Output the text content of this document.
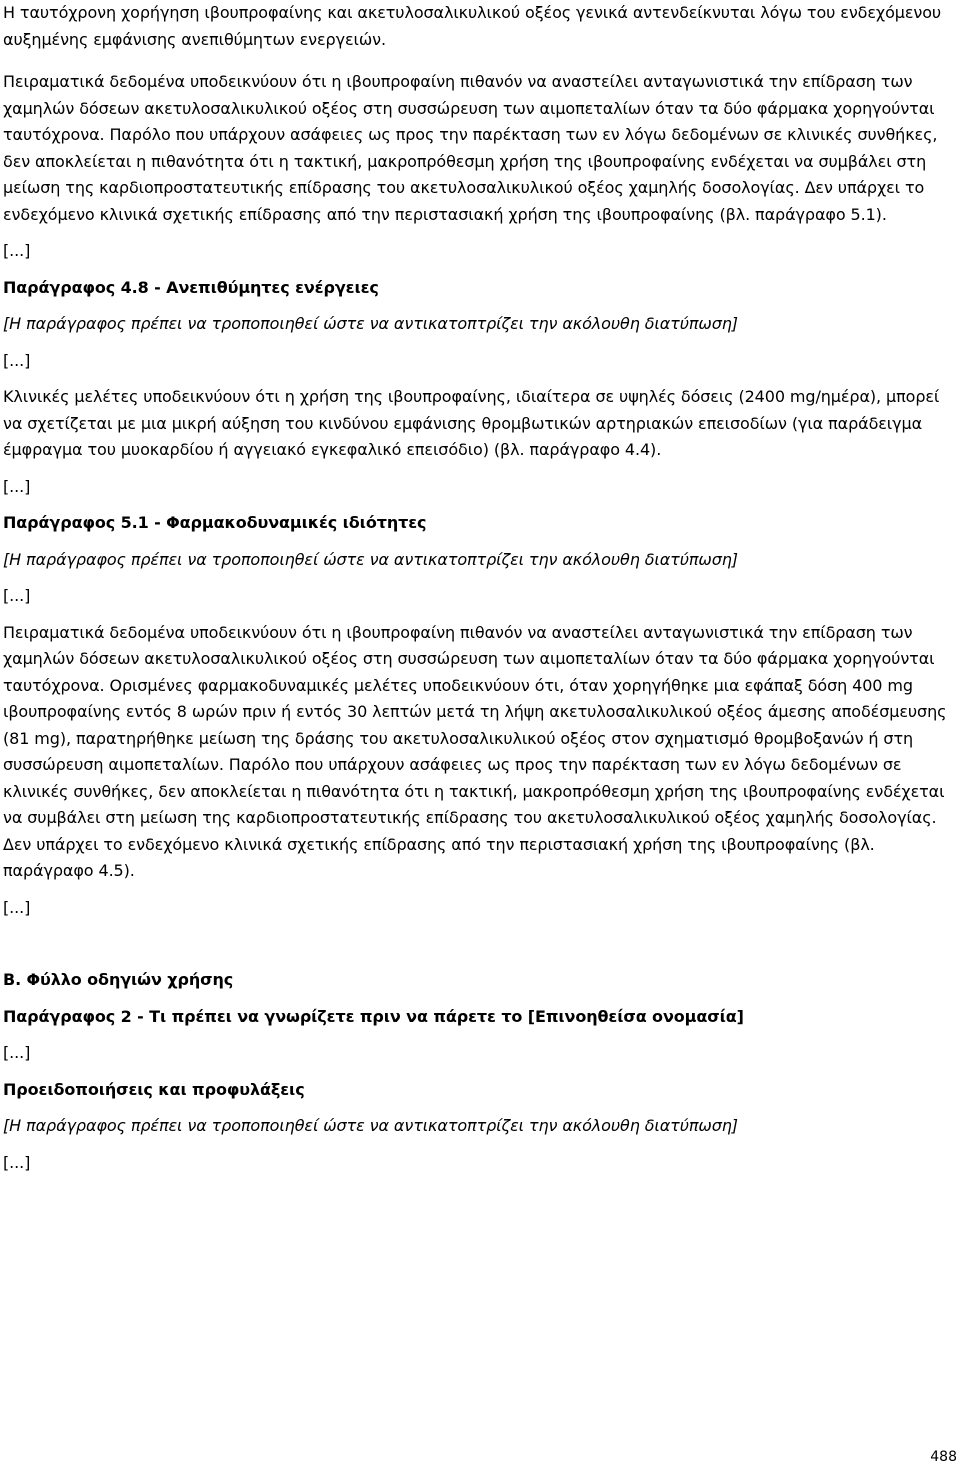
Η ταυτόχρονη χορήγηση ιβουπροφαίνης και ακετυλοσαλικυλικού οξέος γενικά αντενδείκνυται λόγω του ενδεχόμενου αυξημένης εμφάνισης ανεπιθύμητων ενεργειών.

Πειραματικά δεδομένα υποδεικνύουν ότι η ιβουπροφαίνη πιθανόν να αναστείλει ανταγωνιστικά την επίδραση των χαμηλών δόσεων ακετυλοσαλικυλικού οξέος στη συσσώρευση των αιμοπεταλίων όταν τα δύο φάρμακα χορηγούνται ταυτόχρονα. Παρόλο που υπάρχουν ασάφειες ως προς την παρέκταση των εν λόγω δεδομένων σε κλινικές συνθήκες, δεν αποκλείεται η πιθανότητα ότι η τακτική, μακροπρόθεσμη χρήση της ιβουπροφαίνης ενδέχεται να συμβάλει στη μείωση της καρδιοπροστατευτικής επίδρασης του ακετυλοσαλικυλικού οξέος χαμηλής δοσολογίας. Δεν υπάρχει το ενδεχόμενο κλινικά σχετικής επίδρασης από την περιστασιακή χρήση της ιβουπροφαίνης (βλ. παράγραφο 5.1).

[...]

Παράγραφος 4.8 - Ανεπιθύμητες ενέργειες

[Η παράγραφος πρέπει να τροποποιηθεί ώστε να αντικατοπτρίζει την ακόλουθη διατύπωση]

[...]

Κλινικές μελέτες υποδεικνύουν ότι η χρήση της ιβουπροφαίνης, ιδιαίτερα σε υψηλές δόσεις (2400 mg/ημέρα), μπορεί να σχετίζεται με μια μικρή αύξηση του κινδύνου εμφάνισης θρομβωτικών αρτηριακών επεισοδίων (για παράδειγμα έμφραγμα του μυοκαρδίου ή αγγειακό εγκεφαλικό επεισόδιο) (βλ. παράγραφο 4.4).

[...]

Παράγραφος 5.1 - Φαρμακοδυναμικές ιδιότητες

[Η παράγραφος πρέπει να τροποποιηθεί ώστε να αντικατοπτρίζει την ακόλουθη διατύπωση]

[...]

Πειραματικά δεδομένα υποδεικνύουν ότι η ιβουπροφαίνη πιθανόν να αναστείλει ανταγωνιστικά την επίδραση των χαμηλών δόσεων ακετυλοσαλικυλικού οξέος στη συσσώρευση των αιμοπεταλίων όταν τα δύο φάρμακα χορηγούνται ταυτόχρονα. Ορισμένες φαρμακοδυναμικές μελέτες υποδεικνύουν ότι, όταν χορηγήθηκε μια εφάπαξ δόση 400 mg ιβουπροφαίνης εντός 8 ωρών πριν ή εντός 30 λεπτών μετά τη λήψη ακετυλοσαλικυλικού οξέος άμεσης αποδέσμευσης (81 mg), παρατηρήθηκε μείωση της δράσης του ακετυλοσαλικυλικού οξέος στον σχηματισμό θρομβοξανών ή στη συσσώρευση αιμοπεταλίων. Παρόλο που υπάρχουν ασάφειες ως προς την παρέκταση των εν λόγω δεδομένων σε κλινικές συνθήκες, δεν αποκλείεται η πιθανότητα ότι η τακτική, μακροπρόθεσμη χρήση της ιβουπροφαίνης ενδέχεται να συμβάλει στη μείωση της καρδιοπροστατευτικής επίδρασης του ακετυλοσαλικυλικού οξέος χαμηλής δοσολογίας. Δεν υπάρχει το ενδεχόμενο κλινικά σχετικής επίδρασης από την περιστασιακή χρήση της ιβουπροφαίνης (βλ. παράγραφο 4.5).

[...]

B. Φύλλο οδηγιών χρήσης

Παράγραφος 2 - Τι πρέπει να γνωρίζετε πριν να πάρετε το [Επινοηθείσα ονομασία]

[...]

Προειδοποιήσεις και προφυλάξεις

[Η παράγραφος πρέπει να τροποποιηθεί ώστε να αντικατοπτρίζει την ακόλουθη διατύπωση]

[...]

488
